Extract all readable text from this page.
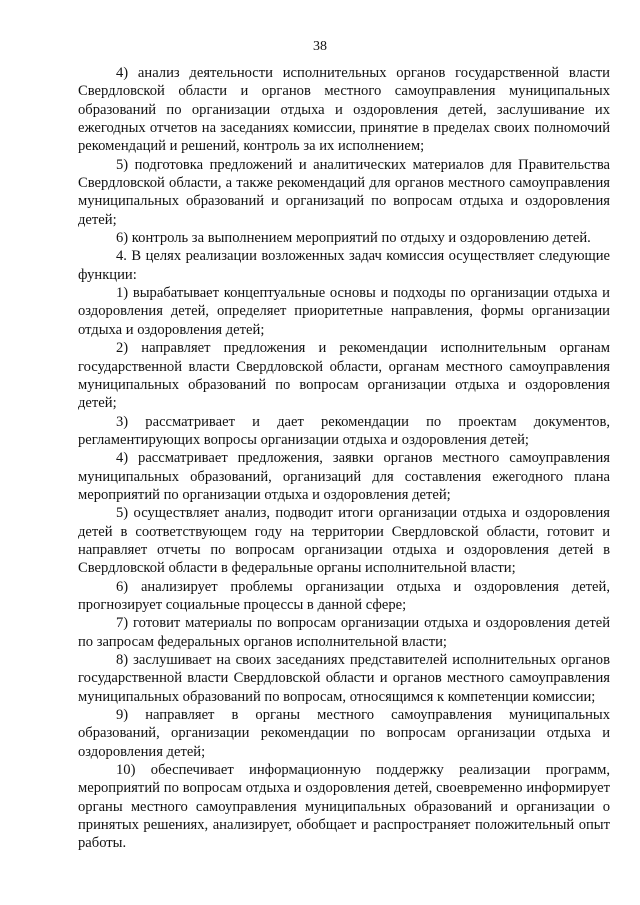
38

4) анализ деятельности исполнительных органов государственной власти Свердловской области и органов местного самоуправления муниципальных образований по организации отдыха и оздоровления детей, заслушивание их ежегодных отчетов на заседаниях комиссии, принятие в пределах своих полномочий рекомендаций и решений, контроль за их исполнением;

5) подготовка предложений и аналитических материалов для Правительства Свердловской области, а также рекомендаций для органов местного самоуправления муниципальных образований и организаций по вопросам отдыха и оздоровления детей;

6) контроль за выполнением мероприятий по отдыху и оздоровлению детей.

4. В целях реализации возложенных задач комиссия осуществляет следующие функции:

1) вырабатывает концептуальные основы и подходы по организации отдыха и оздоровления детей, определяет приоритетные направления, формы организации отдыха и оздоровления детей;

2) направляет предложения и рекомендации исполнительным органам государственной власти Свердловской области, органам местного самоуправления муниципальных образований по вопросам организации отдыха и оздоровления детей;

3) рассматривает и дает рекомендации по проектам документов, регламентирующих вопросы организации отдыха и оздоровления детей;

4) рассматривает предложения, заявки органов местного самоуправления муниципальных образований, организаций для составления ежегодного плана мероприятий по организации отдыха и оздоровления детей;

5) осуществляет анализ, подводит итоги организации отдыха и оздоровления детей в соответствующем году на территории Свердловской области, готовит и направляет отчеты по вопросам организации отдыха и оздоровления детей в Свердловской области в федеральные органы исполнительной власти;

6) анализирует проблемы организации отдыха и оздоровления детей, прогнозирует социальные процессы в данной сфере;

7) готовит материалы по вопросам организации отдыха и оздоровления детей по запросам федеральных органов исполнительной власти;

8) заслушивает на своих заседаниях представителей исполнительных органов государственной власти Свердловской области и органов местного самоуправления муниципальных образований по вопросам, относящимся к компетенции комиссии;

9) направляет в органы местного самоуправления муниципальных образований, организации рекомендации по вопросам организации отдыха и оздоровления детей;

10) обеспечивает информационную поддержку реализации программ, мероприятий по вопросам отдыха и оздоровления детей, своевременно информирует органы местного самоуправления муниципальных образований и организации о принятых решениях, анализирует, обобщает и распространяет положительный опыт работы.
